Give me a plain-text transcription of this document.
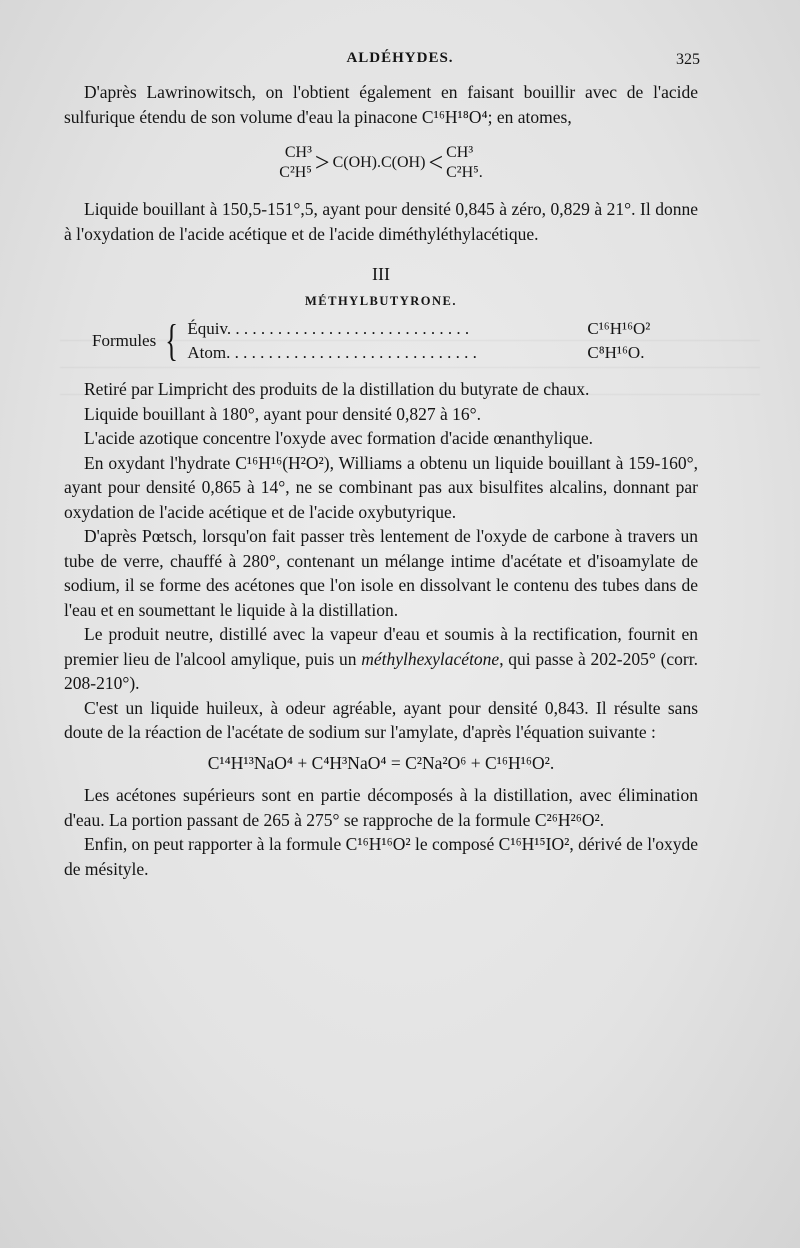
ALDÉHYDES.	325

D'après Lawrinowitsch, on l'obtient également en faisant bouillir avec de l'acide sulfurique étendu de son volume d'eau la pinacone C¹⁶H¹⁸O⁴; en atomes,

CH³
C²H⁵ > C(OH).C(OH) < CH³
C²H⁵.

Liquide bouillant à 150,5-151°,5, ayant pour densité 0,845 à zéro, 0,829 à 21°. Il donne à l'oxydation de l'acide acétique et de l'acide diméthyléthylacétique.

III
MÉTHYLBUTYRONE.
Formules { Équiv. . . . . . . . . . . . . . . . . . . . . . . . . . . . .	C¹⁶H¹⁶O²
Atom. . . . . . . . . . . . . . . . . . . . . . . . . . . . . .	C⁸H¹⁶O.

Retiré par Limpricht des produits de la distillation du butyrate de chaux.

Liquide bouillant à 180°, ayant pour densité 0,827 à 16°.

L'acide azotique concentre l'oxyde avec formation d'acide œnanthylique.

En oxydant l'hydrate C¹⁶H¹⁶(H²O²), Williams a obtenu un liquide bouillant à 159-160°, ayant pour densité 0,865 à 14°, ne se combinant pas aux bisulfites alcalins, donnant par oxydation de l'acide acétique et de l'acide oxybutyrique.

D'après Pœtsch, lorsqu'on fait passer très lentement de l'oxyde de carbone à travers un tube de verre, chauffé à 280°, contenant un mélange intime d'acétate et d'isoamylate de sodium, il se forme des acétones que l'on isole en dissolvant le contenu des tubes dans de l'eau et en soumettant le liquide à la distillation.

Le produit neutre, distillé avec la vapeur d'eau et soumis à la rectification, fournit en premier lieu de l'alcool amylique, puis un méthylhexylacétone, qui passe à 202-205° (corr. 208-210°).

C'est un liquide huileux, à odeur agréable, ayant pour densité 0,843. Il résulte sans doute de la réaction de l'acétate de sodium sur l'amylate, d'après l'équation suivante :

C¹⁴H¹³NaO⁴ + C⁴H³NaO⁴ = C²Na²O⁶ + C¹⁶H¹⁶O².

Les acétones supérieurs sont en partie décomposés à la distillation, avec élimination d'eau. La portion passant de 265 à 275° se rapproche de la formule C²⁶H²⁶O².

Enfin, on peut rapporter à la formule C¹⁶H¹⁶O² le composé C¹⁶H¹⁵IO², dérivé de l'oxyde de mésityle.
